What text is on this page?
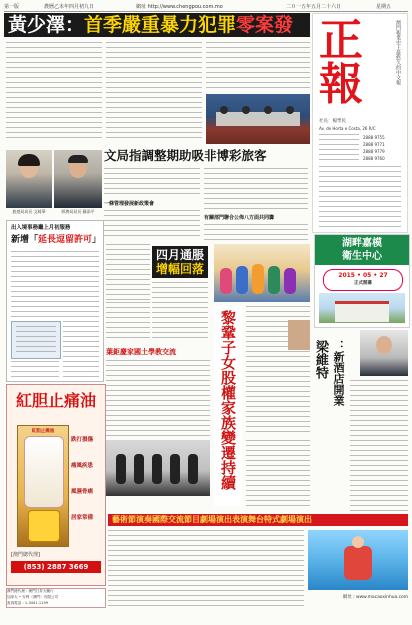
第一版	農曆乙未年四月初九日	網址 http://www.chengpou.com.mo	二０一五年五月二十六日	星期五
黃少澤：首季嚴重暴力犯罪零案發 正
報	澳門報業史上最悠久的中文報
社長：楊學民
Av. de Horta e Costa, 26 R/C
2888 9755
2888 9771
2888 9779
2888 9760
文局指調整期助吸非博彩旅客
旅遊局局長 文綺華	經濟局局長 蘇添平
一條管理發展新政策會
有關部門聯合公佈八方面共同籌
湖畔嘉模
衛生中心
2015 • 05 • 27
正式開幕
出入境事務廳上月初服務
新增「延長逗留許可」
四月通脹
增幅回落
黎鞏子女股權家族變遷持續	梁維特 ：新酒店開業
葉鉅慶家國土學教交流
紅胆止痛油
紅胆止痛油
跌打損傷
痛風疾患
風濕骨痛
居家常備
[澳門總代理]
(853) 2887 3669
澳門總代理 : 澳門日昇大藥行
加拿大 • 安利（澳門）有限公司
查詢電話 : 1-3441-1199
藝術節演奏國際交流節目劇場演出表演舞台特式劇場演出
網址 : www.macaoxinhua.com
